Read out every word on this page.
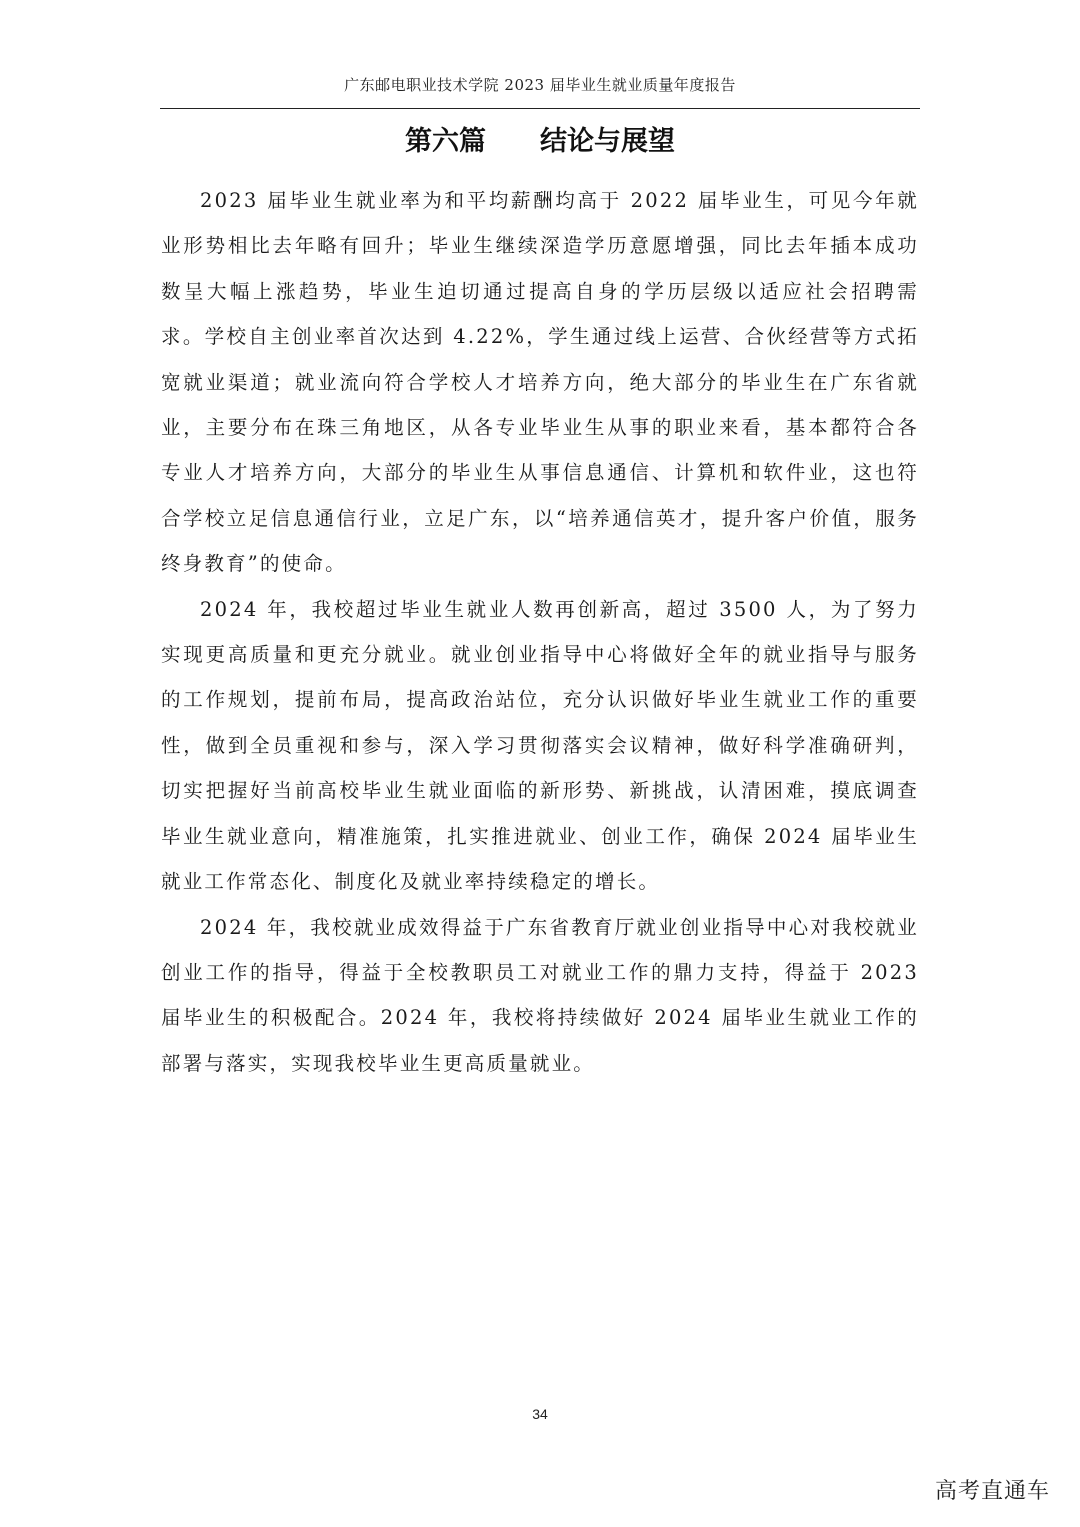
广东邮电职业技术学院 2023 届毕业生就业质量年度报告
第六篇 结论与展望

2023 届毕业生就业率为和平均薪酬均高于 2022 届毕业生，可见今年就业形势相比去年略有回升；毕业生继续深造学历意愿增强，同比去年插本成功数呈大幅上涨趋势，毕业生迫切通过提高自身的学历层级以适应社会招聘需求。学校自主创业率首次达到 4.22%，学生通过线上运营、合伙经营等方式拓宽就业渠道；就业流向符合学校人才培养方向，绝大部分的毕业生在广东省就业，主要分布在珠三角地区，从各专业毕业生从事的职业来看，基本都符合各专业人才培养方向，大部分的毕业生从事信息通信、计算机和软件业，这也符合学校立足信息通信行业，立足广东，以“培养通信英才，提升客户价值，服务终身教育”的使命。

2024 年，我校超过毕业生就业人数再创新高，超过 3500 人，为了努力实现更高质量和更充分就业。就业创业指导中心将做好全年的就业指导与服务的工作规划，提前布局，提高政治站位，充分认识做好毕业生就业工作的重要性，做到全员重视和参与，深入学习贯彻落实会议精神，做好科学准确研判，切实把握好当前高校毕业生就业面临的新形势、新挑战，认清困难，摸底调查毕业生就业意向，精准施策，扎实推进就业、创业工作，确保 2024 届毕业生就业工作常态化、制度化及就业率持续稳定的增长。

2024 年，我校就业成效得益于广东省教育厅就业创业指导中心对我校就业创业工作的指导，得益于全校教职员工对就业工作的鼎力支持，得益于 2023 届毕业生的积极配合。2024 年，我校将持续做好 2024 届毕业生就业工作的部署与落实，实现我校毕业生更高质量就业。

34
高考直通车
